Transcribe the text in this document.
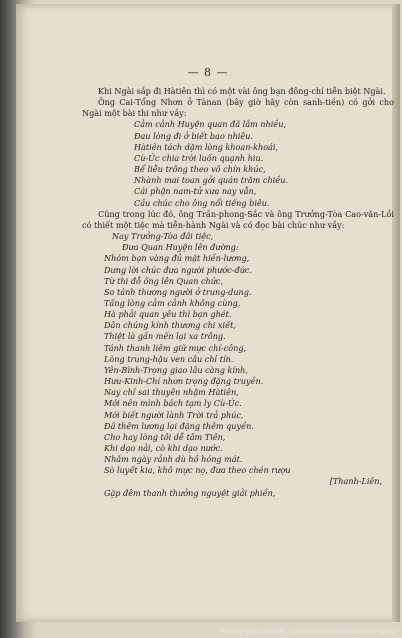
— 8 —

Khi Ngài sắp đi Hàtiên thì có một vài ông bạn đông-chí tiễn biệt Ngài.

Ông Cai-Tổng Nhơn ở Tànan (bây giờ hãy còn sanh-tiền) có gởi cho Ngài một bài thi như vầy:

Cảm cảnh Huyện quan đã lắm nhiều,
Đau lòng đi ở biết bao nhiêu.
Hàtiên tách dặm lòng khoan-khoái,
Cù-Úc chia trời luốn quạnh hiu.
Bể liễu trông theo vô chín khúc,
Nhành mai toan gởi quán trăm chiều.
Cái phận nam-tử xưa nay vẫn,
Cầu chúc cho ông nổi tiếng biêu.

Cũng trong lúc đó, ông Trần-phong-Sắc và ông Trưởng-Tòa Cao-văn-Lồi có thiết một tiệc mà tiễn-hành Ngài và có đọc bài chúc như vầy:

Nay Trưởng-Tòa đãi tiệc,
Đưa Quan Huyện lên đường:
Nhóm bạn vàng đủ mặt hiền-lương,
Dưng lời chúc đưa người phước-đức.
Từ thi đỗ ông lên Quan chức,
So tánh thương người ở trung-dung.
Tấng lòng cảm cảnh không cùng,
Hà phải quan yêu thì bạn ghét.
Dân chúng kính thương chi xiết,
Thiệt là gần mến lại xa trông.
Tánh thanh liêm giữ mực chí-công,
Lòng trung-hậu ven câu chỉ tín.
Yên-Bình-Trọng giao lâu càng kính,
Hưu-Kinh-Chí nhơn trọng đặng truyền.
Nay chỉ sai thuyên nhậm Hàtiên,
Mới nên mình bách tạm ly Cù-Úc.
Mới biết người lành Trời trả phúc,
Đã thêm lương lại đặng thêm quyền.
Cho hay lòng tôi dễ tâm Tiên,
Khi dạo nải, cò khi dạo nước.
Nhắm ngày rảnh dù hồ hóng mát.
Sò luyết kia, khô mực nọ, đưa theo chén rượu
[Thanh-Liên,
Gặp đêm thanh thưởng nguyệt giải phiền,
Source gallica.bnf.fr / Bibliothèque nationale de France
